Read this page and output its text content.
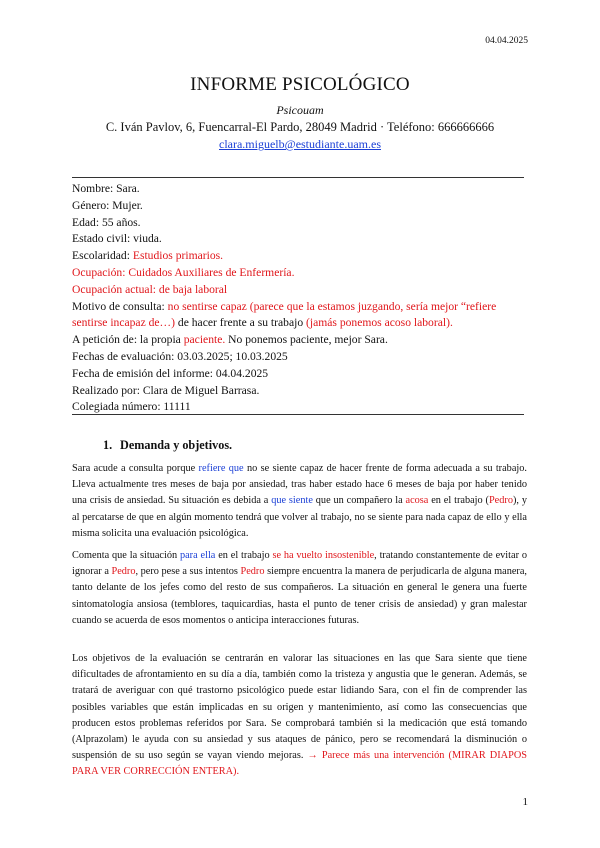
04.04.2025
INFORME PSICOLÓGICO
Psicouam
C. Iván Pavlov, 6, Fuencarral-El Pardo, 28049 Madrid · Teléfono: 666666666
clara.miguelb@estudiante.uam.es
Nombre: Sara.
Género: Mujer.
Edad: 55 años.
Estado civil: viuda.
Escolaridad: Estudios primarios.
Ocupación: Cuidados Auxiliares de Enfermería.
Ocupación actual: de baja laboral
Motivo de consulta: no sentirse capaz (parece que la estamos juzgando, sería mejor “refiere
sentirse incapaz de…) de hacer frente a su trabajo (jamás ponemos acoso laboral).
A petición de: la propia paciente. No ponemos paciente, mejor Sara.
Fechas de evaluación: 03.03.2025; 10.03.2025
Fecha de emisión del informe: 04.04.2025
Realizado por: Clara de Miguel Barrasa.
Colegiada número: 11111
1. Demanda y objetivos.
Sara acude a consulta porque refiere que no se siente capaz de hacer frente de forma adecuada a su trabajo. Lleva actualmente tres meses de baja por ansiedad, tras haber estado hace 6 meses de baja por haber tenido una crisis de ansiedad. Su situación es debida a que siente que un compañero la acosa en el trabajo (Pedro), y al percatarse de que en algún momento tendrá que volver al trabajo, no se siente para nada capaz de ello y ella misma solicita una evaluación psicológica.
Comenta que la situación para ella en el trabajo se ha vuelto insostenible, tratando constantemente de evitar o ignorar a Pedro, pero pese a sus intentos Pedro siempre encuentra la manera de perjudicarla de alguna manera, tanto delante de los jefes como del resto de sus compañeros. La situación en general le genera una fuerte sintomatología ansiosa (temblores, taquicardias, hasta el punto de tener crisis de ansiedad) y gran malestar cuando se acuerda de esos momentos o anticipa interacciones futuras.
Los objetivos de la evaluación se centrarán en valorar las situaciones en las que Sara siente que tiene dificultades de afrontamiento en su día a día, también como la tristeza y angustia que le generan. Además, se tratará de averiguar con qué trastorno psicológico puede estar lidiando Sara, con el fin de comprender las posibles variables que están implicadas en su origen y mantenimiento, así como las consecuencias que producen estos problemas referidos por Sara. Se comprobará también si la medicación que está tomando (Alprazolam) le ayuda con su ansiedad y sus ataques de pánico, pero se recomendará la disminución o suspensión de su uso según se vayan viendo mejoras. → Parece más una intervención (MIRAR DIAPOS PARA VER CORRECCIÓN ENTERA).
1
